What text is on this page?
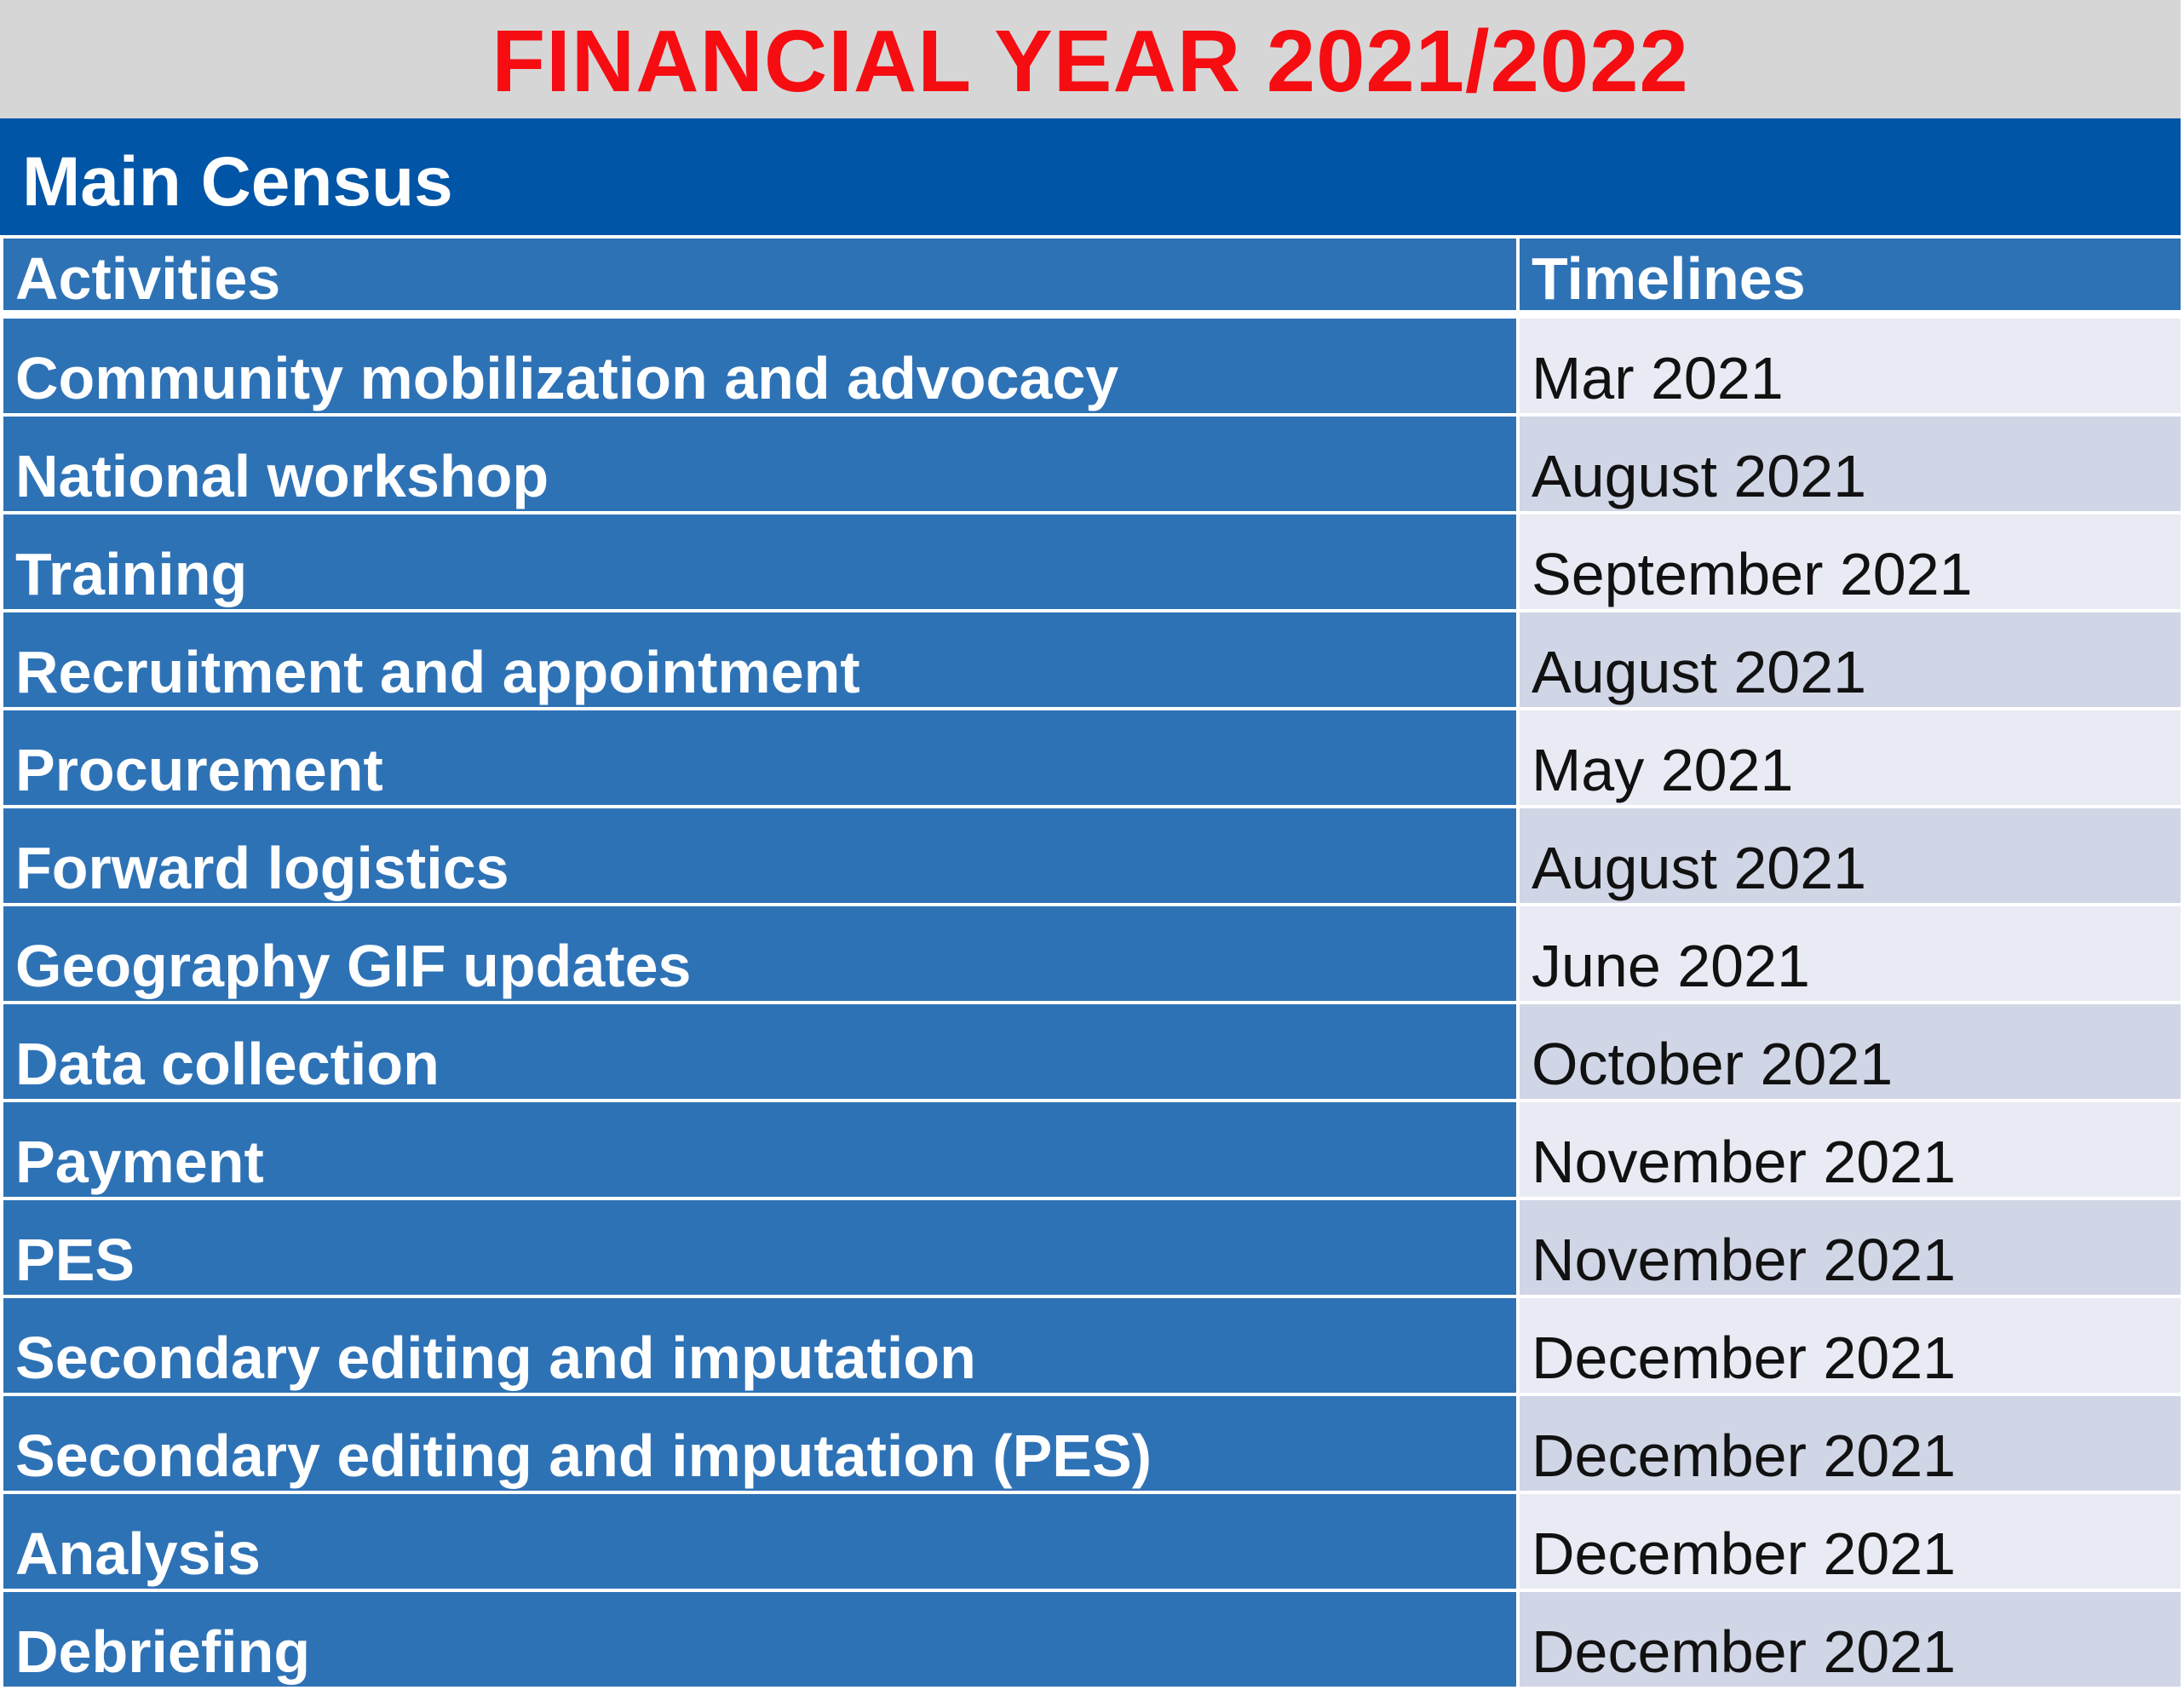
FINANCIAL YEAR 2021/2022
Main Census
Activities	Timelines
Community mobilization and advocacy	Mar 2021
National workshop	August 2021
Training	September 2021
Recruitment and appointment	August 2021
Procurement	May 2021
Forward logistics	August 2021
Geography GIF updates	June 2021
Data collection	October 2021
Payment	November 2021
PES	November 2021
Secondary editing and imputation	December 2021
Secondary editing and imputation (PES)	December 2021
Analysis	December 2021
Debriefing	December 2021
